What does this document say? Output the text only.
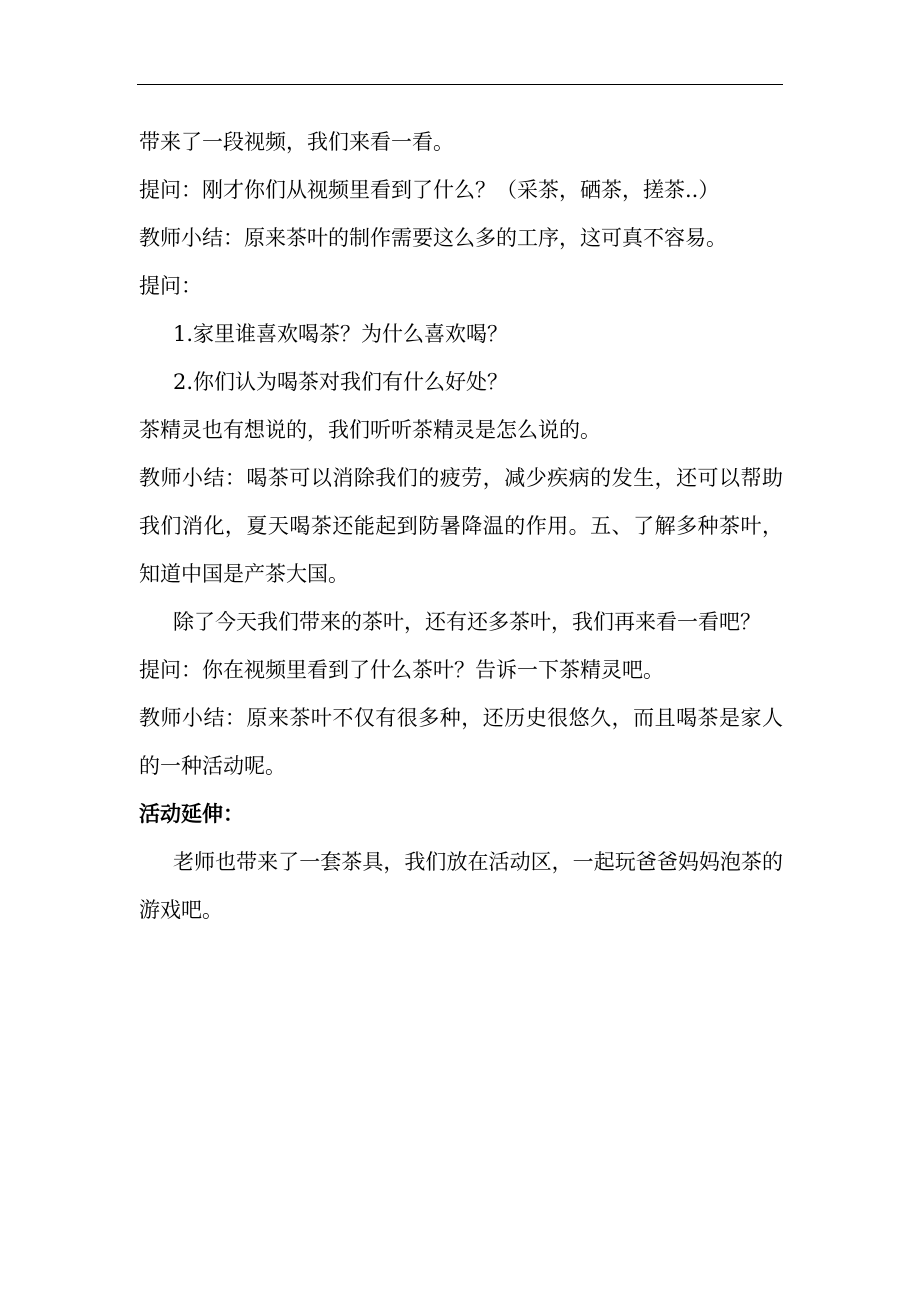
带来了一段视频，我们来看一看。

提问：刚才你们从视频里看到了什么？（采茶，硒茶，搓茶..）

教师小结：原来茶叶的制作需要这么多的工序，这可真不容易。

提问：

1.家里谁喜欢喝茶？为什么喜欢喝？

2.你们认为喝茶对我们有什么好处？

茶精灵也有想说的，我们听听茶精灵是怎么说的。

教师小结：喝茶可以消除我们的疲劳，减少疾病的发生，还可以帮助我们消化，夏天喝茶还能起到防暑降温的作用。五、了解多种茶叶，知道中国是产茶大国。

除了今天我们带来的茶叶，还有还多茶叶，我们再来看一看吧？

提问：你在视频里看到了什么茶叶？告诉一下茶精灵吧。

教师小结：原来茶叶不仅有很多种，还历史很悠久，而且喝茶是家人的一种活动呢。

活动延伸：

老师也带来了一套茶具，我们放在活动区，一起玩爸爸妈妈泡茶的游戏吧。
